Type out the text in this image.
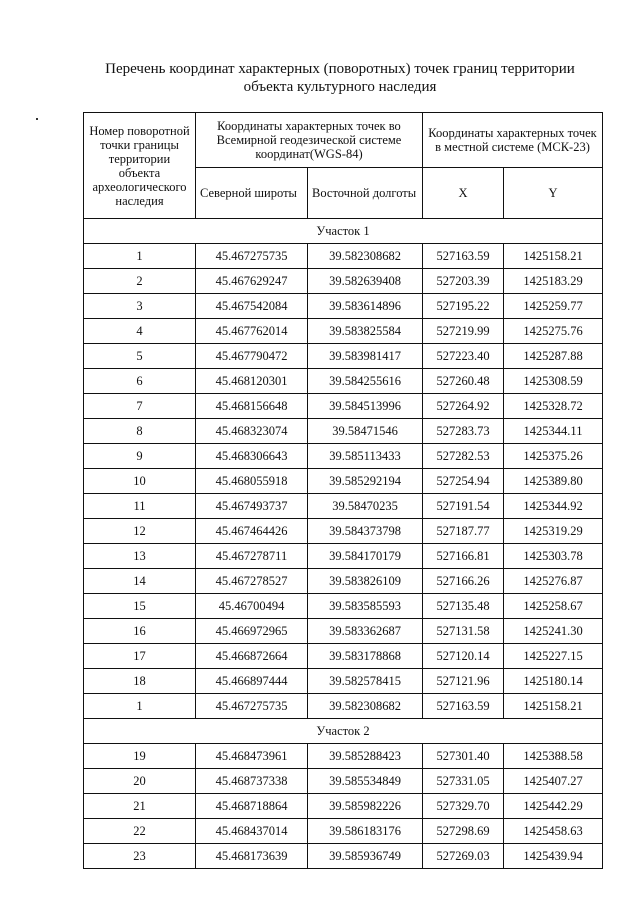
Перечень координат характерных (поворотных) точек границ территории
объекта культурного наследия
Номер поворотной точки границы территории объекта археологического наследия	Координаты характерных точек во Всемирной геодезической системе координат(WGS-84)		Координаты характерных точек в местной системе (МСК-23)	
	Северной широты	Восточной долготы	X	Y
Участок 1				
1	45.467275735	39.582308682	527163.59	1425158.21
2	45.467629247	39.582639408	527203.39	1425183.29
3	45.467542084	39.583614896	527195.22	1425259.77
4	45.467762014	39.583825584	527219.99	1425275.76
5	45.467790472	39.583981417	527223.40	1425287.88
6	45.468120301	39.584255616	527260.48	1425308.59
7	45.468156648	39.584513996	527264.92	1425328.72
8	45.468323074	39.58471546	527283.73	1425344.11
9	45.468306643	39.585113433	527282.53	1425375.26
10	45.468055918	39.585292194	527254.94	1425389.80
11	45.467493737	39.58470235	527191.54	1425344.92
12	45.467464426	39.584373798	527187.77	1425319.29
13	45.467278711	39.584170179	527166.81	1425303.78
14	45.467278527	39.583826109	527166.26	1425276.87
15	45.46700494	39.583585593	527135.48	1425258.67
16	45.466972965	39.583362687	527131.58	1425241.30
17	45.466872664	39.583178868	527120.14	1425227.15
18	45.466897444	39.582578415	527121.96	1425180.14
1	45.467275735	39.582308682	527163.59	1425158.21
Участок 2				
19	45.468473961	39.585288423	527301.40	1425388.58
20	45.468737338	39.585534849	527331.05	1425407.27
21	45.468718864	39.585982226	527329.70	1425442.29
22	45.468437014	39.586183176	527298.69	1425458.63
23	45.468173639	39.585936749	527269.03	1425439.94
